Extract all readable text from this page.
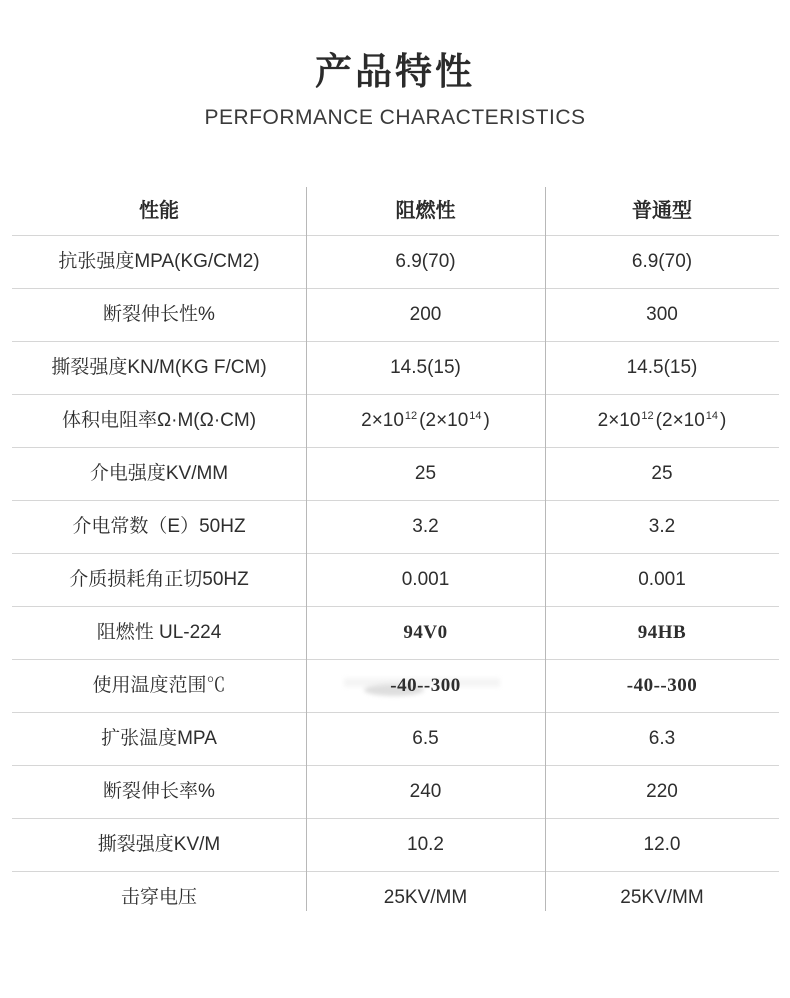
产品特性
PERFORMANCE CHARACTERISTICS
性能	阻燃性	普通型
抗张强度MPA(KG/CM2)	6.9(70)	6.9(70)
断裂伸长性%	200	300
撕裂强度KN/M(KG F/CM)	14.5(15)	14.5(15)
体积电阻率Ω·M(Ω·CM)	$2\times 10^{12}$ ($2\times 10^{14}$ )	$2\times 10^{12}$ ($2\times 10^{14}$ )
介电强度KV/MM	25	25
介电常数（E）50HZ	3.2	3.2
介质损耗角正切50HZ	0.001	0.001
阻燃性 UL-224	94V0	94HB
使用温度范围℃	-40--300	-40--300
扩张温度MPA	6.5	6.3
断裂伸长率%	240	220
撕裂强度KV/M	10.2	12.0
击穿电压	25KV/MM	25KV/MM
